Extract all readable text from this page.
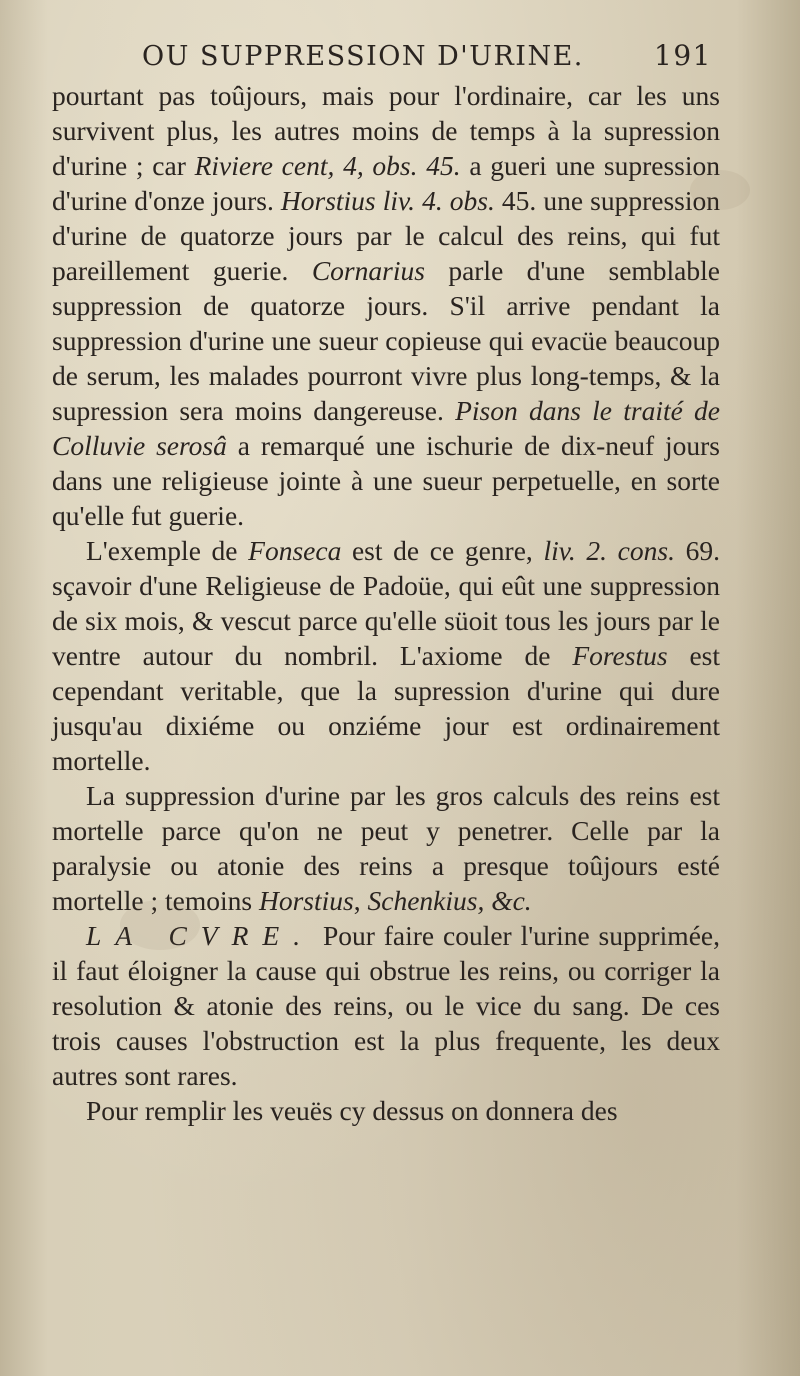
OU SUPPRESSION D'URINE.	191

pourtant pas toûjours, mais pour l'ordinaire, car les uns survivent plus, les autres moins de temps à la supression d'urine ; car Riviere cent, 4, obs. 45. a gueri une supression d'urine d'onze jours. Horstius liv. 4. obs. 45. une suppression d'urine de quatorze jours par le calcul des reins, qui fut pareillement guerie. Cornarius parle d'une semblable suppression de quatorze jours. S'il arrive pendant la suppression d'urine une sueur copieuse qui evacüe beaucoup de serum, les malades pourront vivre plus long-temps, & la supression sera moins dangereuse. Pison dans le traité de Colluvie serosâ a remarqué une ischurie de dix-neuf jours dans une religieuse jointe à une sueur perpetuelle, en sorte qu'elle fut guerie.

L'exemple de Fonseca est de ce genre, liv. 2. cons. 69. sçavoir d'une Religieuse de Padoüe, qui eût une suppression de six mois, & vescut parce qu'elle süoit tous les jours par le ventre autour du nombril. L'axiome de Forestus est cependant veritable, que la supression d'urine qui dure jusqu'au dixiéme ou onziéme jour est ordinairement mortelle.

La suppression d'urine par les gros calculs des reins est mortelle parce qu'on ne peut y penetrer. Celle par la paralysie ou atonie des reins a presque toûjours esté mortelle ; temoins Horstius, Schenkius, &c.

LA CVRE. Pour faire couler l'urine supprimée, il faut éloigner la cause qui obstrue les reins, ou corriger la resolution & atonie des reins, ou le vice du sang. De ces trois causes l'obstruction est la plus frequente, les deux autres sont rares.

Pour remplir les veuës cy dessus on donnera des
